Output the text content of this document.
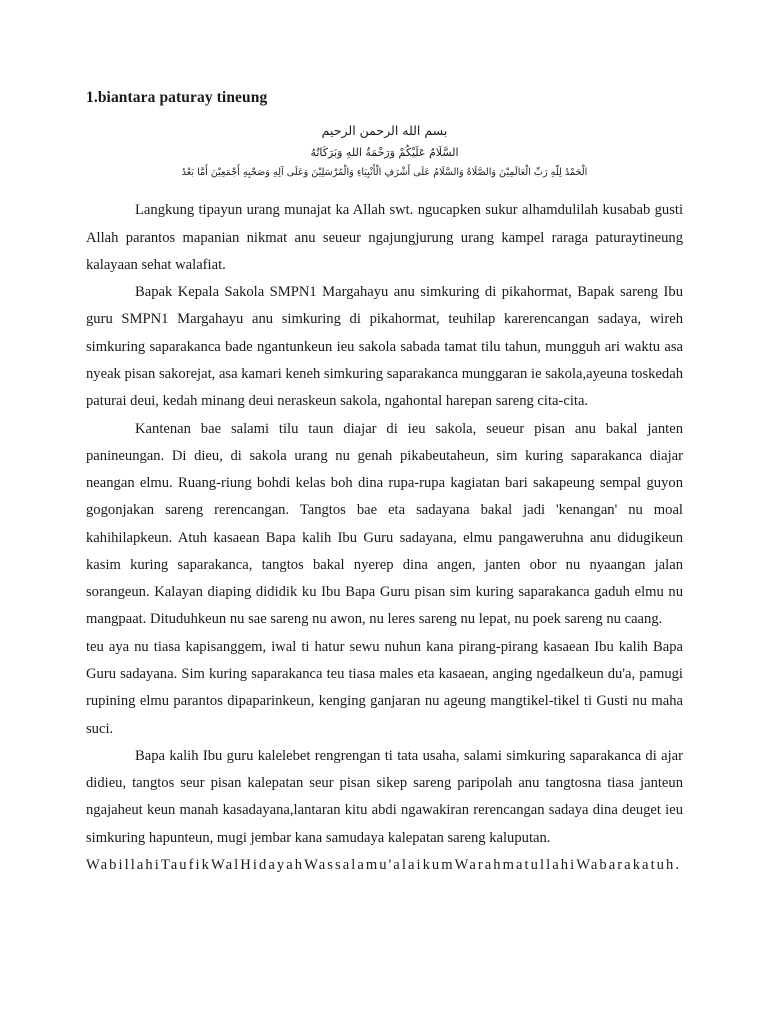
1.biantara paturay tineung
بسم الله الرحمن الرحيم
السَّلَامُ عَلَيْكُمْ وَرَحْمَةُ اللهِ وَبَرَكَاتُهُ
الْحَمْدُ لِلّهِ رَبِّ الْعَالَمِيْنَ وَالصَّلَاةُ وَالسَّلَامُ عَلَى أَشْرَفِ الْأَنْبِيَاءِ وَالْمُرْسَلِيْنَ وَعَلَى آلِهِ وَصَحْبِهِ أَجْمَعِيْنَ أَمَّا بَعْدُ

Langkung tipayun urang munajat ka Allah swt. ngucapken sukur alhamdulilah kusabab gusti Allah parantos mapanian nikmat anu seueur ngajungjurung urang kampel raraga paturaytineung kalayaan sehat walafiat.

Bapak Kepala Sakola SMPN1 Margahayu anu simkuring di pikahormat, Bapak sareng Ibu guru SMPN1 Margahayu anu simkuring di pikahormat, teuhilap karerencangan sadaya, wireh simkuring saparakanca bade ngantunkeun ieu sakola sabada tamat tilu tahun, mungguh ari waktu asa nyeak pisan sakorejat, asa kamari keneh simkuring saparakanca munggaran ie sakola,ayeuna toskedah paturai deui, kedah minang deui neraskeun sakola, ngahontal harepan sareng cita-cita.

Kantenan bae salami tilu taun diajar di ieu sakola, seueur pisan anu bakal janten panineungan. Di dieu, di sakola urang nu genah pikabeutaheun, sim kuring saparakanca diajar neangan elmu. Ruang-riung bohdi kelas boh dina rupa-rupa kagiatan bari sakapeung sempal guyon gogonjakan sareng rerencangan. Tangtos bae eta sadayana bakal jadi 'kenangan' nu moal kahihilapkeun. Atuh kasaean Bapa kalih Ibu Guru sadayana, elmu pangaweruhna anu didugikeun kasim kuring saparakanca, tangtos bakal nyerep dina angen, janten obor nu nyaangan jalan sorangeun. Kalayan diaping dididik ku Ibu Bapa Guru pisan sim kuring saparakanca gaduh elmu nu mangpaat. Dituduhkeun nu sae sareng nu awon, nu leres sareng nu lepat, nu poek sareng nu caang.

teu aya nu tiasa kapisanggem, iwal ti hatur sewu nuhun kana pirang-pirang kasaean Ibu kalih Bapa Guru sadayana. Sim kuring saparakanca teu tiasa males eta kasaean, anging ngedalkeun du'a, pamugi rupining elmu parantos dipaparinkeun, kenging ganjaran nu ageung mangtikel-tikel ti Gusti nu maha suci.

Bapa kalih Ibu guru kalelebet rengrengan ti tata usaha, salami simkuring saparakanca di ajar didieu, tangtos seur pisan kalepatan seur pisan sikep sareng paripolah anu tangtosna tiasa janteun ngajaheut keun manah kasadayana,lantaran kitu abdi ngawakiran rerencangan sadaya dina deuget ieu simkuring hapunteun, mugi jembar kana samudaya kalepatan sareng kaluputan.

WabillahiTaufikWalHidayahWassalamu'alaikumWarahmatullahiWabarakatuh.
